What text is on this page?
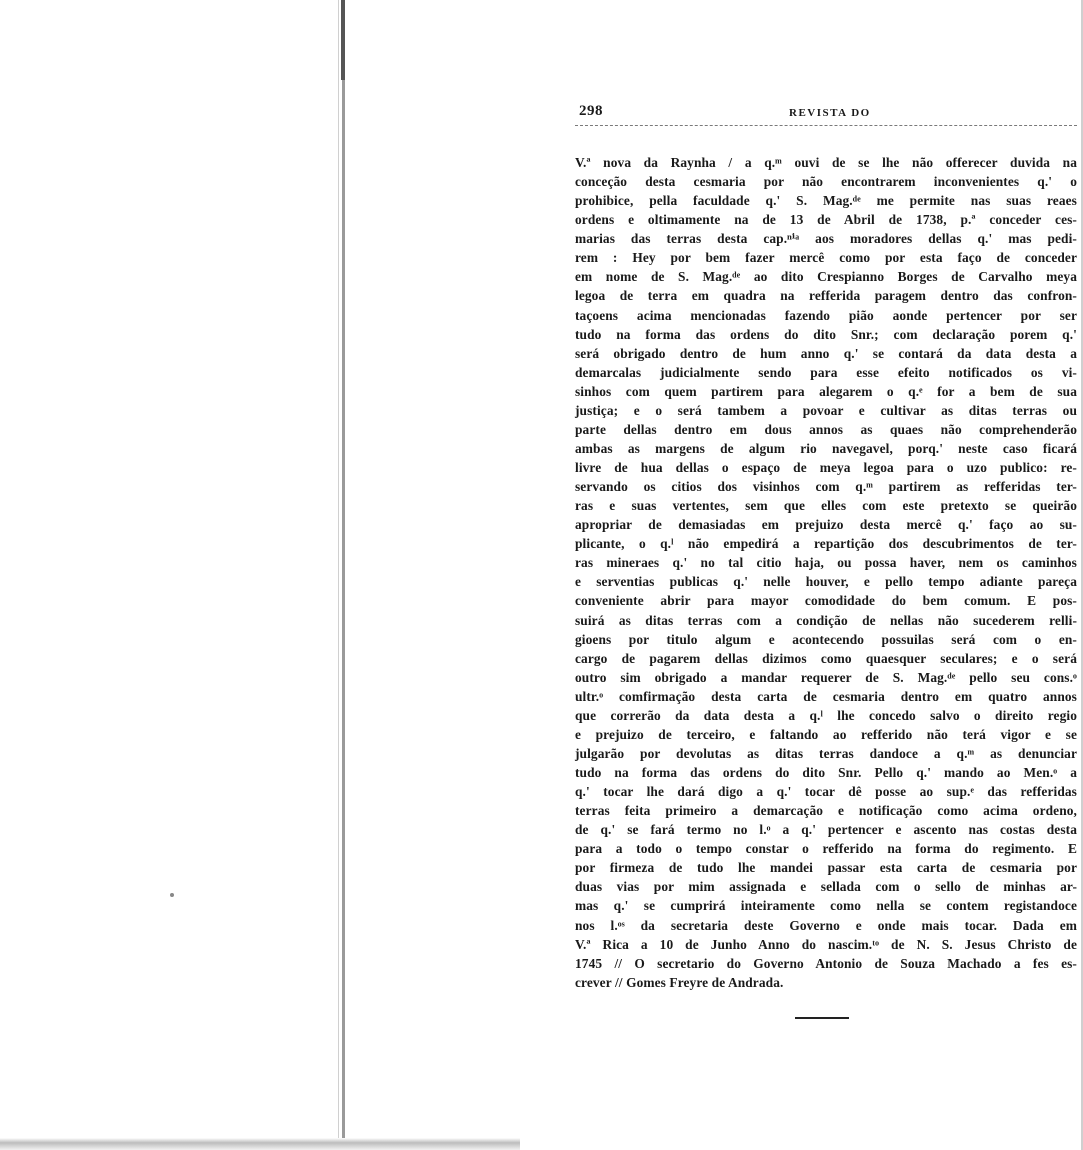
298	REVISTA DO
V.ª nova da Raynha / a q.ᵐ ouvi de se lhe não offerecer duvida na
conceção desta cesmaria por não encontrarem inconvenientes q.' o
prohibice, pella faculdade q.' S. Mag.ᵈᵉ me permite nas suas reaes
ordens e oltimamente na de 13 de Abril de 1738, p.ª conceder ces-
marias das terras desta cap.ⁿⁱᵃ aos moradores dellas q.' mas pedi-
rem : Hey por bem fazer mercê como por esta faço de conceder
em nome de S. Mag.ᵈᵉ ao dito Crespianno Borges de Carvalho meya
legoa de terra em quadra na refferida paragem dentro das confron-
taçoens acima mencionadas fazendo pião aonde pertencer por ser
tudo na forma das ordens do dito Snr.; com declaração porem q.'
será obrigado dentro de hum anno q.' se contará da data desta a
demarcalas judicialmente sendo para esse efeito notificados os vi-
sinhos com quem partirem para alegarem o q.ᵉ for a bem de sua
justiça; e o será tambem a povoar e cultivar as ditas terras ou
parte dellas dentro em dous annos as quaes não comprehenderão
ambas as margens de algum rio navegavel, porq.' neste caso ficará
livre de hua dellas o espaço de meya legoa para o uzo publico: re-
servando os citios dos visinhos com q.ᵐ partirem as refferidas ter-
ras e suas vertentes, sem que elles com este pretexto se queirão
apropriar de demasiadas em prejuizo desta mercê q.' faço ao su-
plicante, o q.ˡ não empedirá a repartição dos descubrimentos de ter-
ras mineraes q.' no tal citio haja, ou possa haver, nem os caminhos
e serventias publicas q.' nelle houver, e pello tempo adiante pareça
conveniente abrir para mayor comodidade do bem comum. E pos-
suirá as ditas terras com a condição de nellas não sucederem relli-
gioens por titulo algum e acontecendo possuilas será com o en-
cargo de pagarem dellas dizimos como quaesquer seculares; e o será
outro sim obrigado a mandar requerer de S. Mag.ᵈᵉ pello seu cons.ᵒ
ultr.ᵒ comfirmação desta carta de cesmaria dentro em quatro annos
que correrão da data desta a q.ˡ lhe concedo salvo o direito regio
e prejuizo de terceiro, e faltando ao refferido não terá vigor e se
julgarão por devolutas as ditas terras dandoce a q.ᵐ as denunciar
tudo na forma das ordens do dito Snr. Pello q.' mando ao Men.ᵒ a
q.' tocar lhe dará digo a q.' tocar dê posse ao sup.ᵉ das refferidas
terras feita primeiro a demarcação e notificação como acima ordeno,
de q.' se fará termo no l.ᵒ a q.' pertencer e ascento nas costas desta
para a todo o tempo constar o refferido na forma do regimento. E
por firmeza de tudo lhe mandei passar esta carta de cesmaria por
duas vias por mim assignada e sellada com o sello de minhas ar-
mas q.' se cumprirá inteiramente como nella se contem registandoce
nos l.ᵒˢ da secretaria deste Governo e onde mais tocar. Dada em
V.ª Rica a 10 de Junho Anno do nascim.ᵗᵒ de N. S. Jesus Christo de
1745 // O secretario do Governo Antonio de Souza Machado a fes es-
crever // Gomes Freyre de Andrada.
